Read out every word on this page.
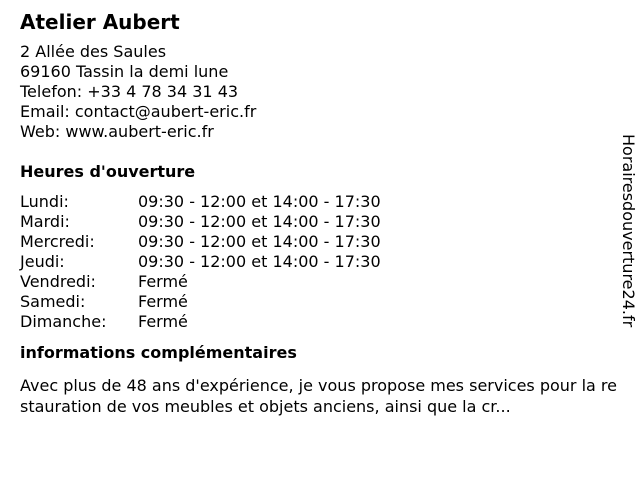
Atelier Aubert
2 Allée des Saules
69160 Tassin la demi lune
Telefon: +33 4 78 34 31 43
Email: contact@aubert-eric.fr
Web: www.aubert-eric.fr
Heures d'ouverture
Lundi:	09:30 - 12:00 et 14:00 - 17:30
Mardi:	09:30 - 12:00 et 14:00 - 17:30
Mercredi:	09:30 - 12:00 et 14:00 - 17:30
Jeudi:	09:30 - 12:00 et 14:00 - 17:30
Vendredi:	Fermé
Samedi:	Fermé
Dimanche:	Fermé
informations complémentaires
Avec plus de 48 ans d'expérience, je vous propose mes services pour la restauration de vos meubles et objets anciens, ainsi que la cr...
Horairesdouverture24.fr
